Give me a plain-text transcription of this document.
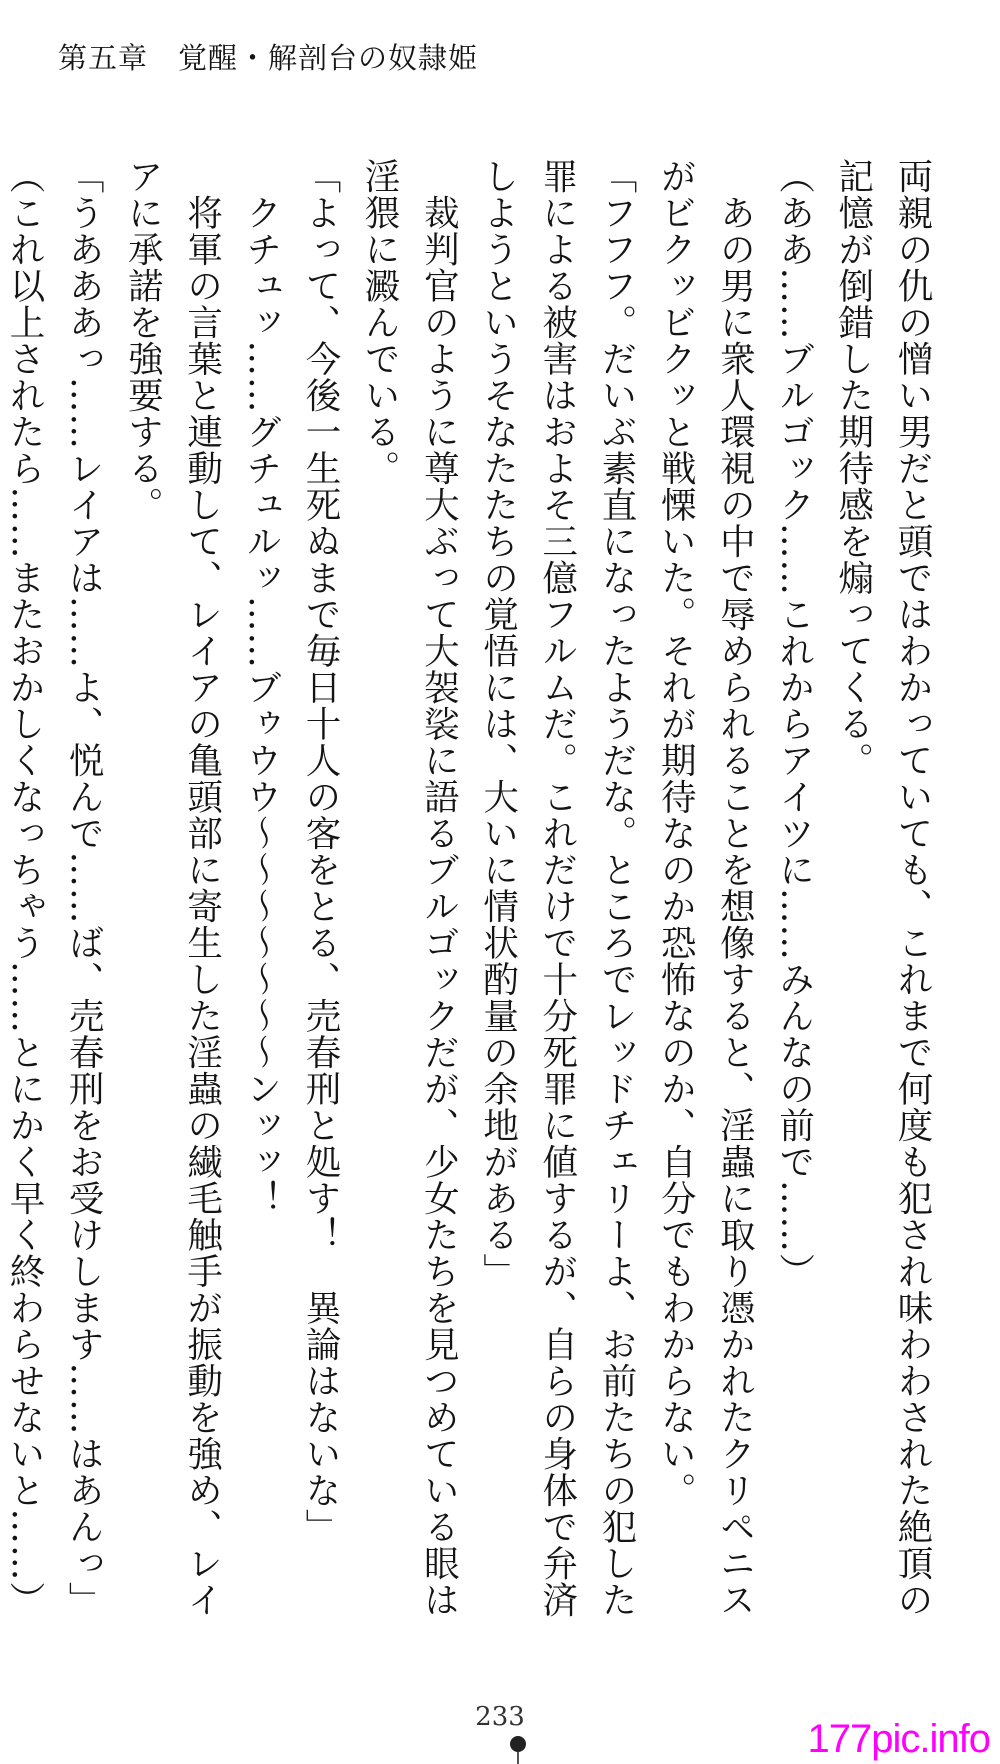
第五章　覚醒・解剖台の奴隷姫
両親の仇の憎い男だと頭ではわかっていても、これまで何度も犯され味わわされた絶頂の
記憶が倒錯した期待感を煽ってくる。
（ああ……ブルゴック……これからアイツに……みんなの前で……）
　あの男に衆人環視の中で辱められることを想像すると、淫蟲に取り憑かれたクリペニス
がビクッビクッと戦慄いた。それが期待なのか恐怖なのか、自分でもわからない。
「フフフ。だいぶ素直になったようだな。ところでレッドチェリーよ、お前たちの犯した
罪による被害はおよそ三億フルムだ。これだけで十分死罪に値するが、自らの身体で弁済
しようというそなたたちの覚悟には、大いに情状酌量の余地がある」
　裁判官のように尊大ぶって大袈裟に語るブルゴックだが、少女たちを見つめている眼は
淫猥に澱んでいる。
「よって、今後一生死ぬまで毎日十人の客をとる、売春刑と処す！　異論はないな」
　クチュッ……グチュルッ……ブゥウウ〜〜〜〜〜〜〜ンッッ！
　将軍の言葉と連動して、レイアの亀頭部に寄生した淫蟲の繊毛触手が振動を強め、レイ
アに承諾を強要する。
「うあああっ……レイアは……よ、悦んで……ば、売春刑をお受けします……はあんっ」
（これ以上されたら……またおかしくなっちゃう……とにかく早く終わらせないと……）
233	177pic.info
